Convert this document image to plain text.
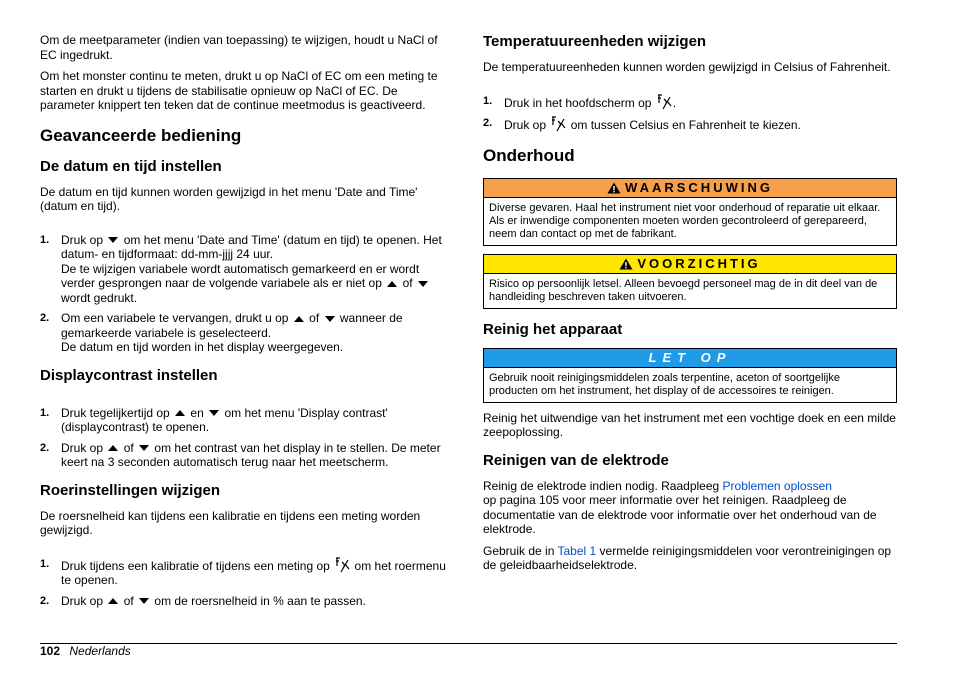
Om de meetparameter (indien van toepassing) te wijzigen, houdt u NaCl of EC ingedrukt.

Om het monster continu te meten, drukt u op NaCl of EC om een meting te starten en drukt u tijdens de stabilisatie opnieuw op NaCl of EC. De parameter knippert ten teken dat de continue meetmodus is geactiveerd.

Geavanceerde bediening
De datum en tijd instellen

De datum en tijd kunnen worden gewijzigd in het menu 'Date and Time' (datum en tijd).

1. Druk op om het menu 'Date and Time' (datum en tijd) te openen. Het datum- en tijdformaat: dd-mm-jjjj 24 uur.
De te wijzigen variabele wordt automatisch gemarkeerd en er wordt verder gesprongen naar de volgende variabele als er niet op of  wordt gedrukt.
2. Om een variabele te vervangen, drukt u op of wanneer de gemarkeerde variabele is geselecteerd.
De datum en tijd worden in het display weergegeven.
Displaycontrast instellen
1. Druk tegelijkertijd op en om het menu 'Display contrast' (displaycontrast) te openen.
2. Druk op of om het contrast van het display in te stellen. De meter keert na 3 seconden automatisch terug naar het meetscherm.
Roerinstellingen wijzigen

De roersnelheid kan tijdens een kalibratie en tijdens een meting worden gewijzigd.

1. Druk tijdens een kalibratie of tijdens een meting op om het roermenu te openen.
2. Druk op of om de roersnelheid in % aan te passen.
Temperatuureenheden wijzigen

De temperatuureenheden kunnen worden gewijzigd in Celsius of Fahrenheit.

1. Druk in het hoofdscherm op .
2. Druk op om tussen Celsius en Fahrenheit te kiezen.
Onderhoud
WAARSCHUWING
Diverse gevaren. Haal het instrument niet voor onderhoud of reparatie uit elkaar. Als er inwendige componenten moeten worden gecontroleerd of gerepareerd, neem dan contact op met de fabrikant.
VOORZICHTIG
Risico op persoonlijk letsel. Alleen bevoegd personeel mag de in dit deel van de handleiding beschreven taken uitvoeren.
Reinig het apparaat
LET OP
Gebruik nooit reinigingsmiddelen zoals terpentine, aceton of soortgelijke producten om het instrument, het display of de accessoires te reinigen.

Reinig het uitwendige van het instrument met een vochtige doek en een milde zeepoplossing.

Reinigen van de elektrode

Reinig de elektrode indien nodig. Raadpleeg Problemen oplossen
op pagina 105 voor meer informatie over het reinigen. Raadpleeg de documentatie van de elektrode voor informatie over het onderhoud van de elektrode.

Gebruik de in Tabel 1 vermelde reinigingsmiddelen voor verontreinigingen op de geleidbaarheidselektrode.

102 Nederlands
